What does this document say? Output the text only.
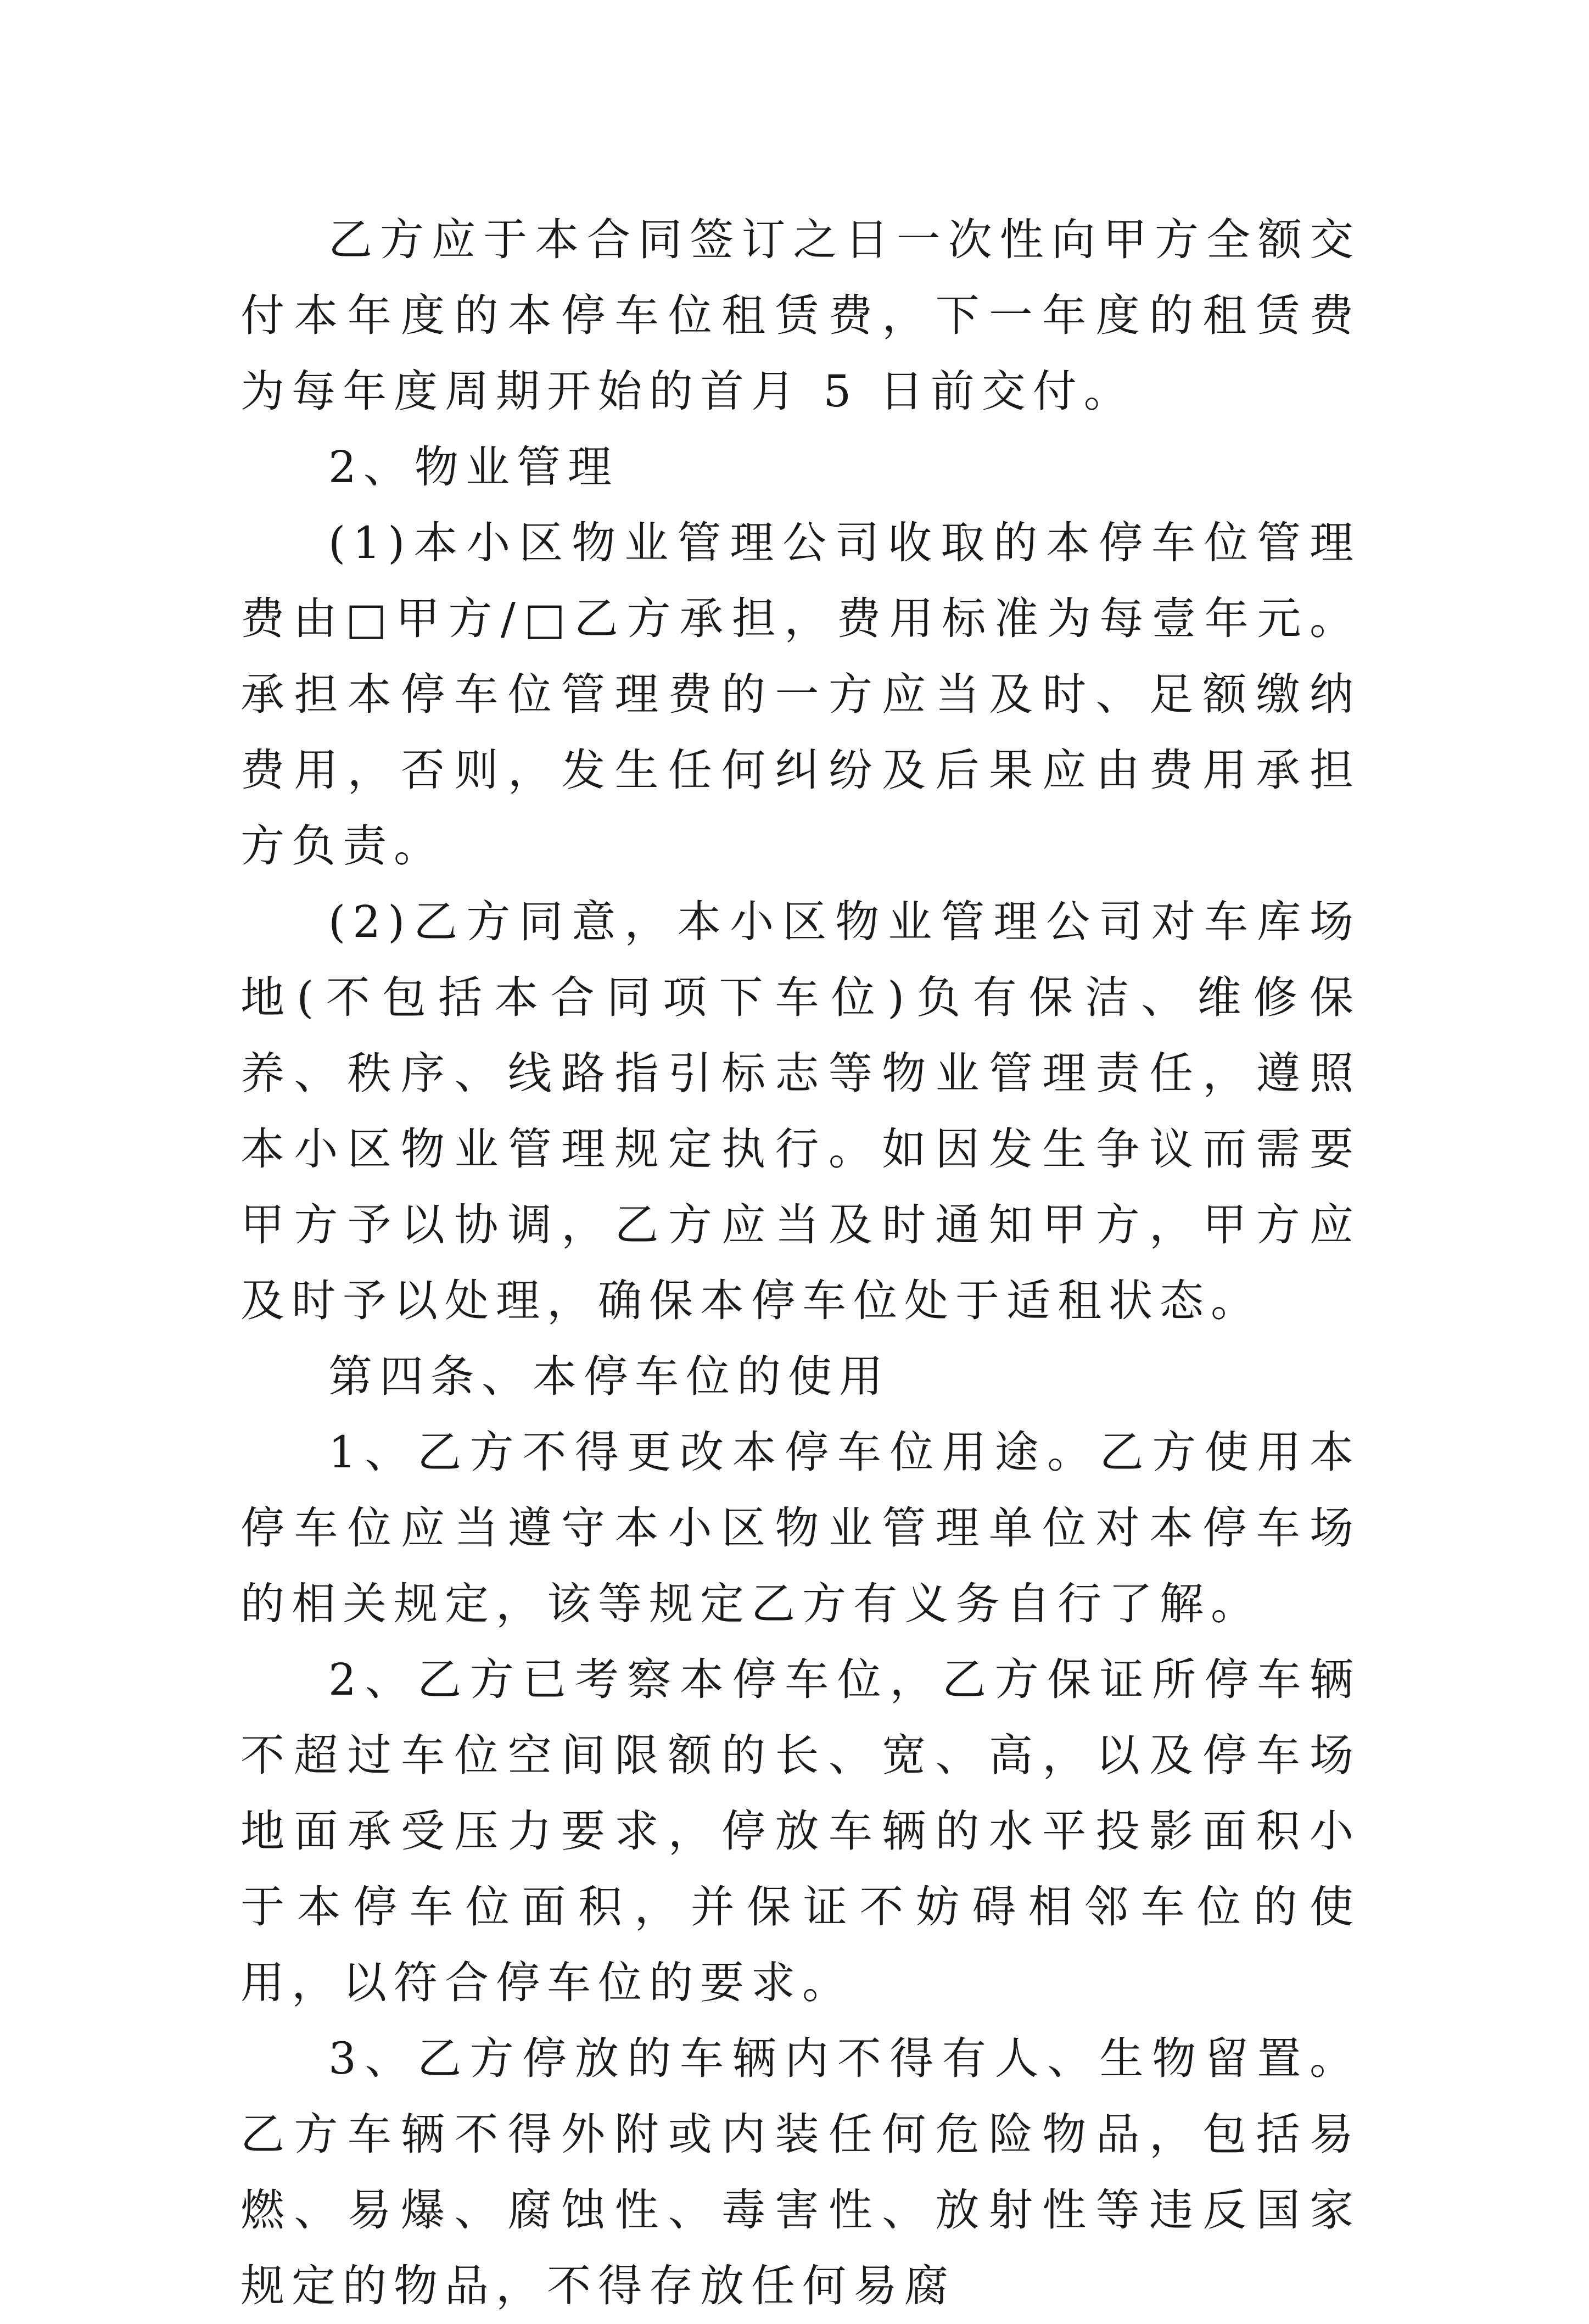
乙方应于本合同签订之日一次性向甲方全额交付本年度的本停车位租赁费，下一年度的租赁费为每年度周期开始的首月 5 日前交付。

2、物业管理

(1)本小区物业管理公司收取的本停车位管理费由□甲方/□乙方承担，费用标准为每壹年元。承担本停车位管理费的一方应当及时、足额缴纳费用，否则，发生任何纠纷及后果应由费用承担方负责。

(2)乙方同意，本小区物业管理公司对车库场地(不包括本合同项下车位)负有保洁、维修保养、秩序、线路指引标志等物业管理责任，遵照本小区物业管理规定执行。如因发生争议而需要甲方予以协调，乙方应当及时通知甲方，甲方应及时予以处理，确保本停车位处于适租状态。

第四条、本停车位的使用

1、乙方不得更改本停车位用途。乙方使用本停车位应当遵守本小区物业管理单位对本停车场的相关规定，该等规定乙方有义务自行了解。

2、乙方已考察本停车位，乙方保证所停车辆不超过车位空间限额的长、宽、高，以及停车场地面承受压力要求，停放车辆的水平投影面积小于本停车位面积，并保证不妨碍相邻车位的使用，以符合停车位的要求。

3、乙方停放的车辆内不得有人、生物留置。乙方车辆不得外附或内装任何危险物品，包括易燃、易爆、腐蚀性、毒害性、放射性等违反国家规定的物品，不得存放任何易腐
